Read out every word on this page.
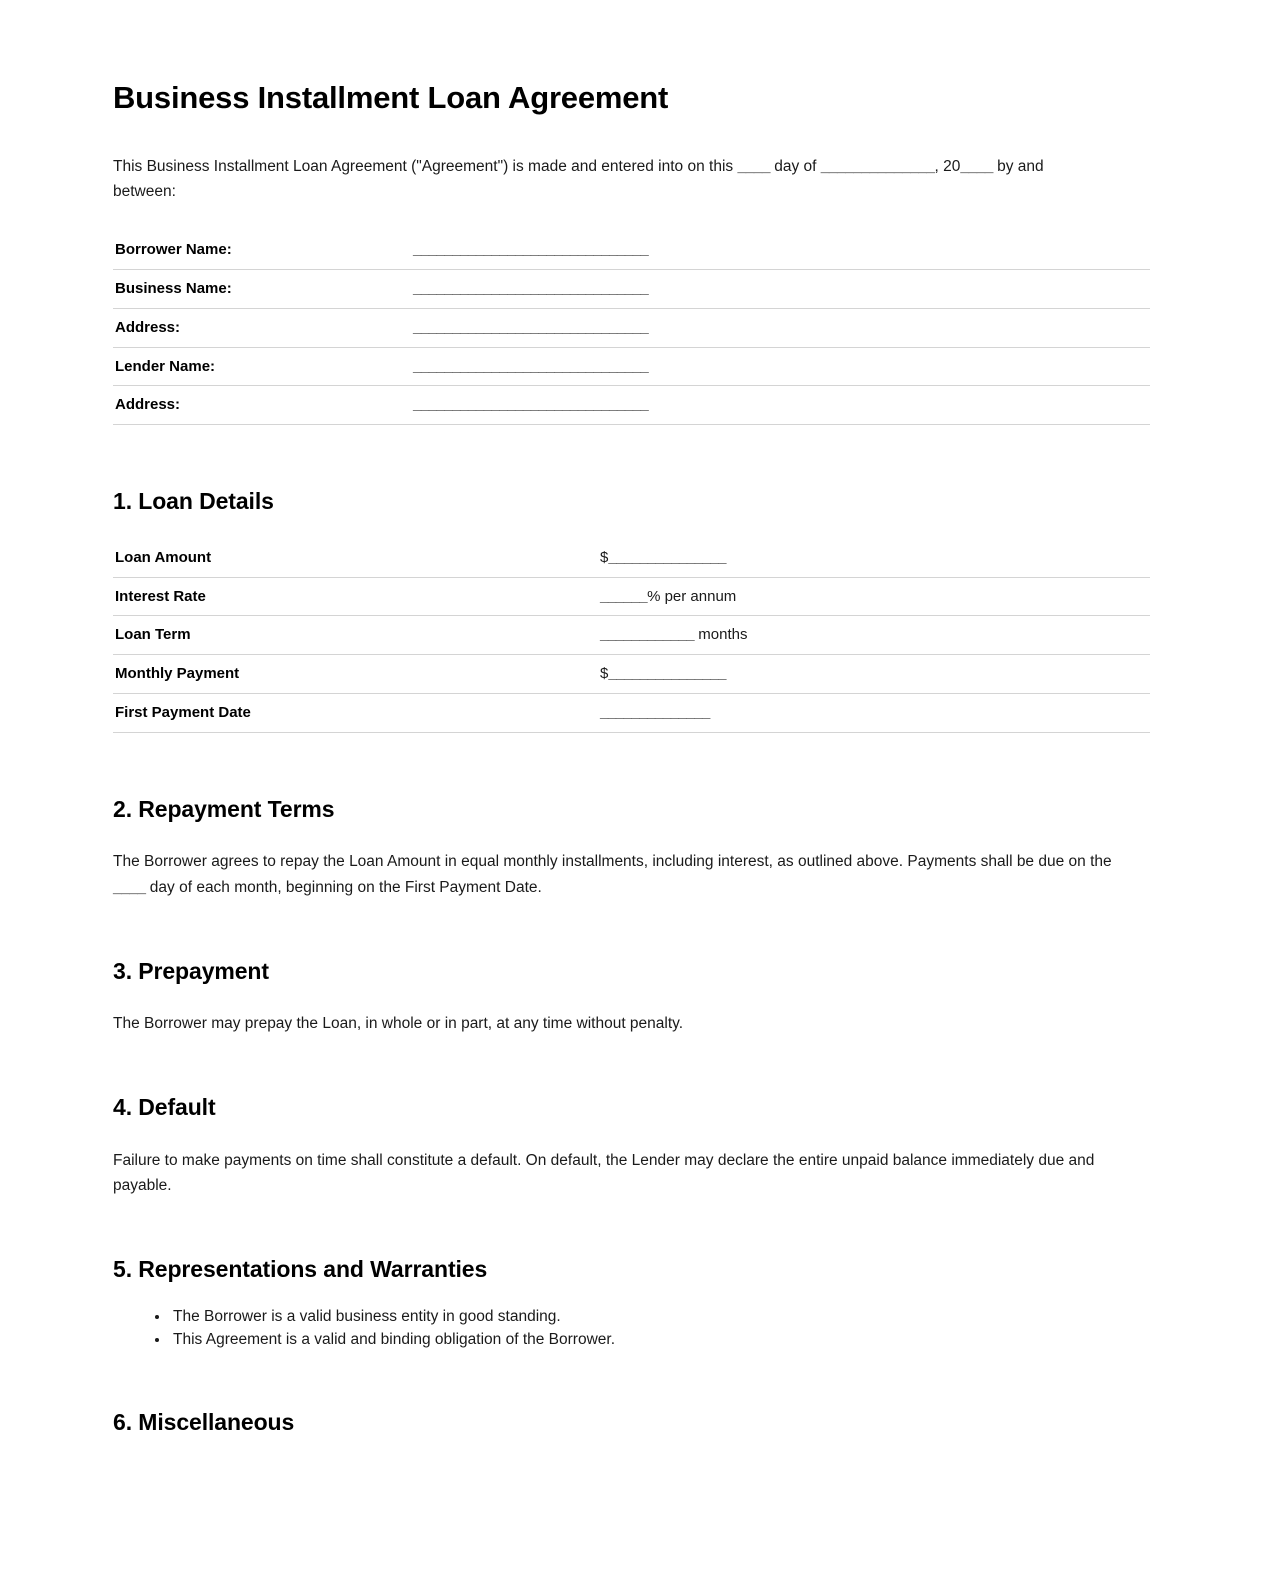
Business Installment Loan Agreement

This Business Installment Loan Agreement ("Agreement") is made and entered into on this ____ day of ______________, 20____ by and between:

Borrower Name:	______________________________
Business Name:	______________________________
Address:	______________________________
Lender Name:	______________________________
Address:	______________________________
1. Loan Details
Loan Amount	$_______________
Interest Rate	______% per annum
Loan Term	____________ months
Monthly Payment	$_______________
First Payment Date	______________
2. Repayment Terms

The Borrower agrees to repay the Loan Amount in equal monthly installments, including interest, as outlined above. Payments shall be due on the ____ day of each month, beginning on the First Payment Date.

3. Prepayment

The Borrower may prepay the Loan, in whole or in part, at any time without penalty.

4. Default

Failure to make payments on time shall constitute a default. On default, the Lender may declare the entire unpaid balance immediately due and payable.

5. Representations and Warranties
• The Borrower is a valid business entity in good standing.
• This Agreement is a valid and binding obligation of the Borrower.
6. Miscellaneous
